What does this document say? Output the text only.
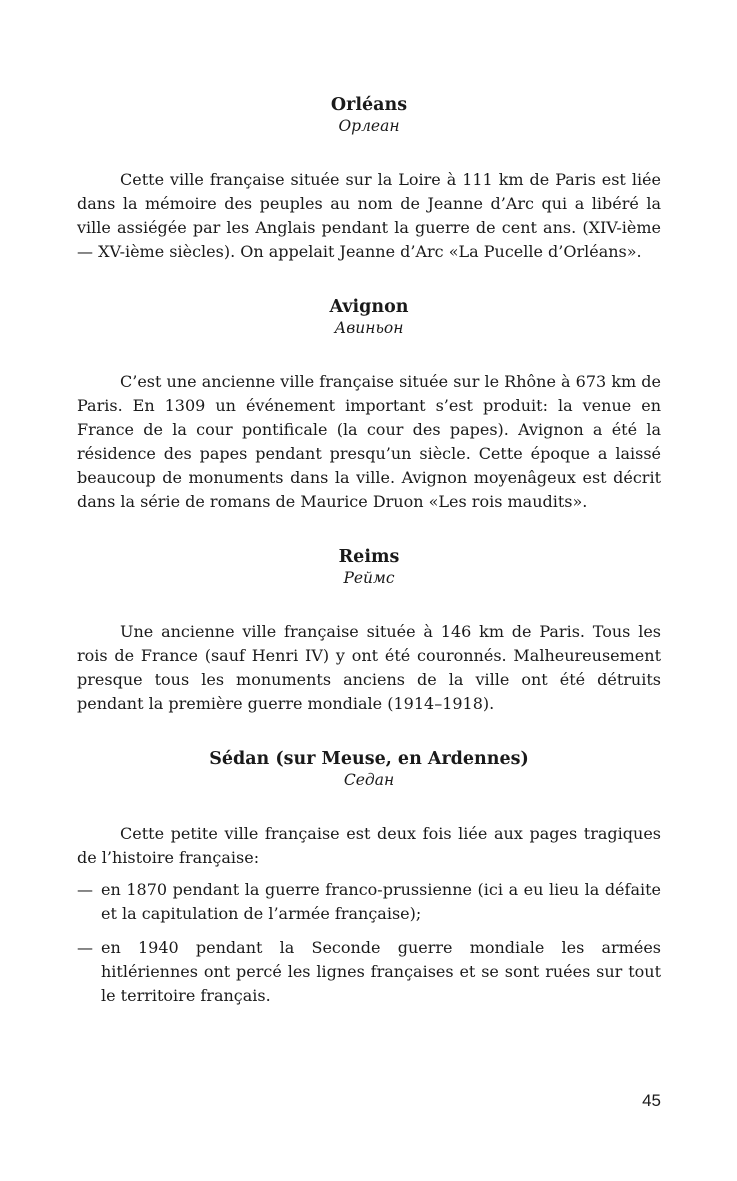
Orléans
Орлеан

Cette ville française située sur la Loire à 111 km de Paris est liée dans la mémoire des peuples au nom de Jeanne d’Arc qui a libéré la ville assiégée par les Anglais pendant la guerre de cent ans. (XIV-ième — XV-ième siècles). On appelait Jeanne d’Arc «La Pucelle d’Orléans».

Avignon
Авиньон

C’est une ancienne ville française située sur le Rhône à 673 km de Paris. En 1309 un événement important s’est produit: la venue en France de la cour pontificale (la cour des papes). Avignon a été la résidence des papes pendant presqu’un siècle. Cette époque a laissé beaucoup de monuments dans la ville. Avignon moyenâgeux est décrit dans la série de romans de Maurice Druon «Les rois maudits».

Reims
Реймс

Une ancienne ville française située à 146 km de Paris. Tous les rois de France (sauf Henri IV) y ont été couronnés. Malheureusement presque tous les monuments anciens de la ville ont été détruits pendant la première guerre mondiale (1914–1918).

Sédan (sur Meuse, en Ardennes)
Седан

Cette petite ville française est deux fois liée aux pages tragiques de l’histoire française:

— en 1870 pendant la guerre franco-prussienne (ici a eu lieu la défaite et la capitulation de l’armée française);
— en 1940 pendant la Seconde guerre mondiale les armées hitlériennes ont percé les lignes françaises et se sont ruées sur tout le territoire français.
45
